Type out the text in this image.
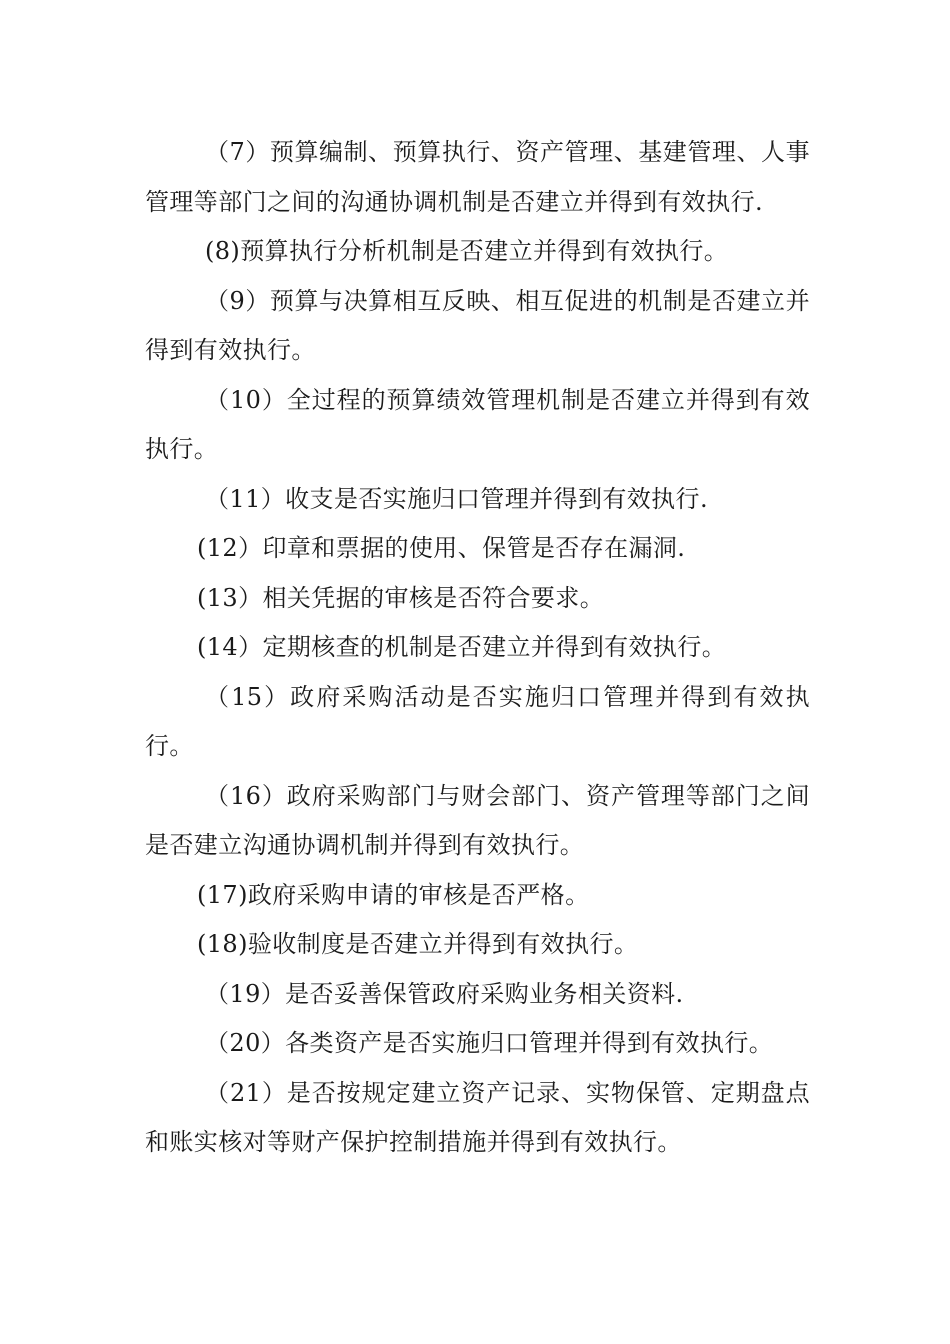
（7）预算编制、预算执行、资产管理、基建管理、人事管理等部门之间的沟通协调机制是否建立并得到有效执行.

(8)预算执行分析机制是否建立并得到有效执行。

（9）预算与决算相互反映、相互促进的机制是否建立并得到有效执行。

（10）全过程的预算绩效管理机制是否建立并得到有效执行。

（11）收支是否实施归口管理并得到有效执行.

(12）印章和票据的使用、保管是否存在漏洞.

(13）相关凭据的审核是否符合要求。

(14）定期核查的机制是否建立并得到有效执行。

（15）政府采购活动是否实施归口管理并得到有效执行。

（16）政府采购部门与财会部门、资产管理等部门之间是否建立沟通协调机制并得到有效执行。

(17)政府采购申请的审核是否严格。

(18)验收制度是否建立并得到有效执行。

（19）是否妥善保管政府采购业务相关资料.

（20）各类资产是否实施归口管理并得到有效执行。

（21）是否按规定建立资产记录、实物保管、定期盘点和账实核对等财产保护控制措施并得到有效执行。
